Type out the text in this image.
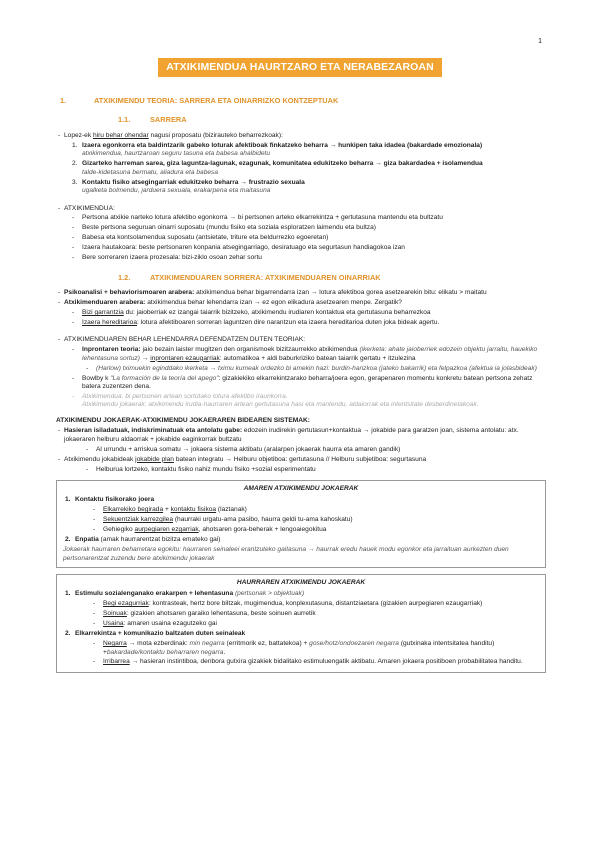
1
ATXIKIMENDUA HAURTZARO ETA NERABEZAROAN
1.	ATXIKIMENDU TEORIA: SARRERA ETA OINARRIZKO KONTZEPTUAK
1.1.	SARRERA
- Lopez-ek hiru behar ohendar nagusi proposatu (bizirauteko beharrezkoak):
1. Izaera egonkorra eta baldintzarik gabeko loturak afektiboak finkatzeko beharra → hunkipen taka idadea (bakardade emozionala)
atxikimendua, haurtzaroan seguru tasuna eta babesa ahalbidetu
2. Gizarteko harreman sarea, giza laguntza-lagunak, ezagunak, komunitatea edukitzeko beharra → giza bakardadea + isolamendua
talde-kidetasuna bermatu, aliadura eta babesa
3. Kontaktu fisiko atsegingarriak edukitzeko beharra → frustrazio sexuala
ugalketa bolmendu, jarduera sexuala, erakarpena eta maitasuna
- ATXIKIMENDUA:
- Pertsona atxikie narteko lotura afektibo egonkorra → bi pertsonen arteko elkarrekintza + gertutasuna mantendu eta bultzatu
- Beste pertsona seguruan oinarri suposatu (mundu fisiko eta soziala esploratzen laimendu eta bultza)
- Babesa eta kontsolamendua suposatu (antsietate, triture eta beldurrezko egoeretan)
- Izaera hautakoara: beste pertsonaren konpania atsegingarriago, desiratuago eta segurtasun handiagokoa izan
- Bere sorreraren izaera prozesala: bizi-ziklo osoan zehar sortu
1.2.	ATXIKIMENDUAREN SORRERA: ATXIKIMENDUAREN OINARRIAK
- Psikoanalisi + behaviorismoaren arabera: atxikimendua behar bigarrendarra izan → lotura afektiboa gorea asetzearekin bitu: elikatu > maitatu
- Atxikimenduaren arabera: atxikimendua behar lehendarra izan → ez egon elikadura asetzearen menpe. Zergatik?
- Bizi garrantzia du: jaioberriak ez izangai taiarrik bizitzeko, atxikimendu irudiaren kontaktua eta gertutasuna beharrezkoa
- Izaera hereditarioa: lotura afektiboaren sorreran laguntzen dire narantzun eta izaera hereditarioa duten joka bideak agertu.
- ATXIKIMENDUAREN BEHAR LEHENDARRA DEFENDATZEN DUTEN TEORIAK:
- Inprontaren teoria: jaio bezain laister mugitzen den organismoek bizitzaurrekko atxikimendua (ikerketa: ahate jaioberriek edozein objektu jarraitu, hauekiko lehentasuna sortuz) → inprontaren ezaugarriak: automatikoa + aldi baburkriziko batean taiarrik gertatu + itzulezina
- (Harlow) tximuekin eginddako ikerketa → tximu kumeak ordezko bi amekin hazi: burdin-harizkoa (jateko bakarrik) eta felpazkoa (afektua ia jolasbideak)
- Bowlby k "La formación de la teoría del apego": gizakiekiko elkarrekintzarako beharra/joera egon, gerapenaren momentu konkretu batean pertsona zehatz batera zuzentzen dena.
- Atxikimendua: bi pertsonen artean sortutako lotura afektibo iraunkorra.
Atxikimendu jokaerak: atxikimendu irudia-haurraren artean gertutasuna hasi eta mantendu, aldaiorrak eta intentsitate desberdinetakoak.
ATXIKIMENDU JOKAERAK-ATXIKIMENDU JOKAERAREN BIDEAREN SISTEMAK:
- Hasieran isiladatuak, indiskriminatuak eta antolatu gabe: edozein irudirekin gertutasun+kontaktua → jokabide para garatzen joan, sistema antolatu: atx. jokaeraren helburu aldaorrak + jokabide eaginkorrak bultzatu
- Al urrundu + arriskua somatu → jokaera sistema aktibatu (aralarpen jokaerak haurra eta amaren gandik)
- Atxikimendu jokabideak jokabide plan batean integratu → Helburu objetiboa: gertutasuna // Helburu subjetiboa: segurtasuna
- Helburua lortzeko, kontaktu fisiko nahiz mundu fisiko +sozial esperimentatu
AMAREN ATXIKIMENDU JOKAERAK
1. Kontaktu fisikorako joera
- Elkarrekiko begirada + kontaktu fisikoa (laztanak)
- Sekuentziak karrezgilea (haurraki urgatu-ama pasibo, haurra geldi tu-ama kahoskatu)
- Gehiegiko aurpegiaren ezgarriak, ahotsaren gora-beherak + lengoaiegokitua
2. Enpatia (amak haurrarentzat bizitza emateko gai)
Jokaerak haurraren beharretara egokitu: haurraren seinaleei erantzuteko gaitasuna → haurrak eredu hauek modu egonkor eta jarraituan aurkezten duen pertsonarentzat zuzendu bere atxikimendu jokaerak
HAURRAREN ATXIKIMENDU JOKAERAK
1. Estimulu sozialenganako erakarpen + lehentasuna (pertsonak > objektuak)
- Begi ezagurriak: kontrasteak, hertz bore biltzak, mugimendua, konplexutasuna, distantziaetara (gizakien aurpegiaren ezaugarriak)
- Soinuak: gizakien ahotsaren garaiko lehentasuna, beste soinuen aurretik
- Usaina: amaren usaina ezagutzeko gai
2. Elkarrekintza + komunikazio baltzaten duten seinaleak
- Negarra → mota ezberdinak: min negarra (erritmorik ez, battatekoa) + gose/hotz/ondoezaren negarra (gutxinaka intentsitatea handitu) +bakardade/kontaktu beharraren negarra.
- Irribarrea → hasieran instintiboa, denbora gutxira gizakiek bidalitako estimuluengatik aktibatu. Amaren jokaera positiboen probabilitatea handitu.
